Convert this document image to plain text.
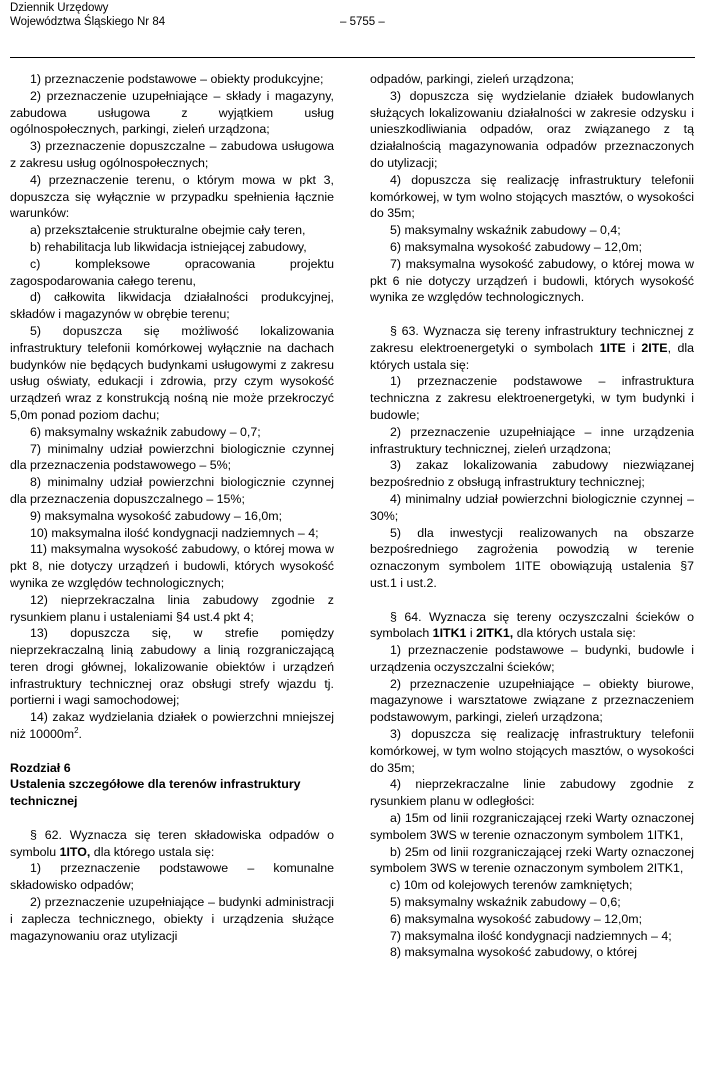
Dziennik Urzędowy
Województwa Śląskiego Nr 84	– 5755 –

1) przeznaczenie podstawowe – obiekty produkcyjne;

2) przeznaczenie uzupełniające – składy i magazyny, zabudowa usługowa z wyjątkiem usług ogólnospołecznych, parkingi, zieleń urządzona;

3) przeznaczenie dopuszczalne – zabudowa usługowa z zakresu usług ogólnospołecznych;

4) przeznaczenie terenu, o którym mowa w pkt 3, dopuszcza się wyłącznie w przypadku spełnienia łącznie warunków:

a) przekształcenie strukturalne obejmie cały teren,

b) rehabilitacja lub likwidacja istniejącej zabudowy,

c) kompleksowe opracowania projektu zagospodarowania całego terenu,

d) całkowita likwidacja działalności produkcyjnej, składów i magazynów w obrębie terenu;

5) dopuszcza się możliwość lokalizowania infrastruktury telefonii komórkowej wyłącznie na dachach budynków nie będących budynkami usługowymi z zakresu usług oświaty, edukacji i zdrowia, przy czym wysokość urządzeń wraz z konstrukcją nośną nie może przekroczyć 5,0m ponad poziom dachu;

6) maksymalny wskaźnik zabudowy – 0,7;

7) minimalny udział powierzchni biologicznie czynnej dla przeznaczenia podstawowego – 5%;

8) minimalny udział powierzchni biologicznie czynnej dla przeznaczenia dopuszczalnego – 15%;

9) maksymalna wysokość zabudowy – 16,0m;

10) maksymalna ilość kondygnacji nadziemnych – 4;

11) maksymalna wysokość zabudowy, o której mowa w pkt 8, nie dotyczy urządzeń i budowli, których wysokość wynika ze względów technologicznych;

12) nieprzekraczalna linia zabudowy zgodnie z rysunkiem planu i ustaleniami §4 ust.4 pkt 4;

13) dopuszcza się, w strefie pomiędzy nieprzekraczalną linią zabudowy a linią rozgraniczającą teren drogi głównej, lokalizowanie obiektów i urządzeń infrastruktury technicznej oraz obsługi strefy wjazdu tj. portierni i wagi samochodowej;

14) zakaz wydzielania działek o powierzchni mniejszej niż $10000m^2$.

Rozdział 6
Ustalenia szczegółowe dla terenów infrastruktury technicznej

§ 62. Wyznacza się teren składowiska odpadów o symbolu 1ITO, dla którego ustala się:

1) przeznaczenie podstawowe – komunalne składowisko odpadów;

2) przeznaczenie uzupełniające – budynki administracji i zaplecza technicznego, obiekty i urządzenia służące magazynowaniu oraz utylizacji

odpadów, parkingi, zieleń urządzona;

3) dopuszcza się wydzielanie działek budowlanych służących lokalizowaniu działalności w zakresie odzysku i unieszkodliwiania odpadów, oraz związanego z tą działalnością magazynowania odpadów przeznaczonych do utylizacji;

4) dopuszcza się realizację infrastruktury telefonii komórkowej, w tym wolno stojących masztów, o wysokości do 35m;

5) maksymalny wskaźnik zabudowy – 0,4;

6) maksymalna wysokość zabudowy – 12,0m;

7) maksymalna wysokość zabudowy, o której mowa w pkt 6 nie dotyczy urządzeń i budowli, których wysokość wynika ze względów technologicznych.

§ 63. Wyznacza się tereny infrastruktury technicznej z zakresu elektroenergetyki o symbolach 1ITE i 2ITE, dla których ustala się:

1) przeznaczenie podstawowe – infrastruktura techniczna z zakresu elektroenergetyki, w tym budynki i budowle;

2) przeznaczenie uzupełniające – inne urządzenia infrastruktury technicznej, zieleń urządzona;

3) zakaz lokalizowania zabudowy niezwiązanej bezpośrednio z obsługą infrastruktury technicznej;

4) minimalny udział powierzchni biologicznie czynnej – 30%;

5) dla inwestycji realizowanych na obszarze bezpośredniego zagrożenia powodzią w terenie oznaczonym symbolem 1ITE obowiązują ustalenia §7 ust.1 i ust.2.

§ 64. Wyznacza się tereny oczyszczalni ścieków o symbolach 1ITK1 i 2ITK1, dla których ustala się:

1) przeznaczenie podstawowe – budynki, budowle i urządzenia oczyszczalni ścieków;

2) przeznaczenie uzupełniające – obiekty biurowe, magazynowe i warsztatowe związane z przeznaczeniem podstawowym, parkingi, zieleń urządzona;

3) dopuszcza się realizację infrastruktury telefonii komórkowej, w tym wolno stojących masztów, o wysokości do 35m;

4) nieprzekraczalne linie zabudowy zgodnie z rysunkiem planu w odległości:

a) 15m od linii rozgraniczającej rzeki Warty oznaczonej symbolem 3WS w terenie oznaczonym symbolem 1ITK1,

b) 25m od linii rozgraniczającej rzeki Warty oznaczonej symbolem 3WS w terenie oznaczonym symbolem 2ITK1,

c) 10m od kolejowych terenów zamkniętych;

5) maksymalny wskaźnik zabudowy – 0,6;

6) maksymalna wysokość zabudowy – 12,0m;

7) maksymalna ilość kondygnacji nadziemnych – 4;

8) maksymalna wysokość zabudowy, o której
